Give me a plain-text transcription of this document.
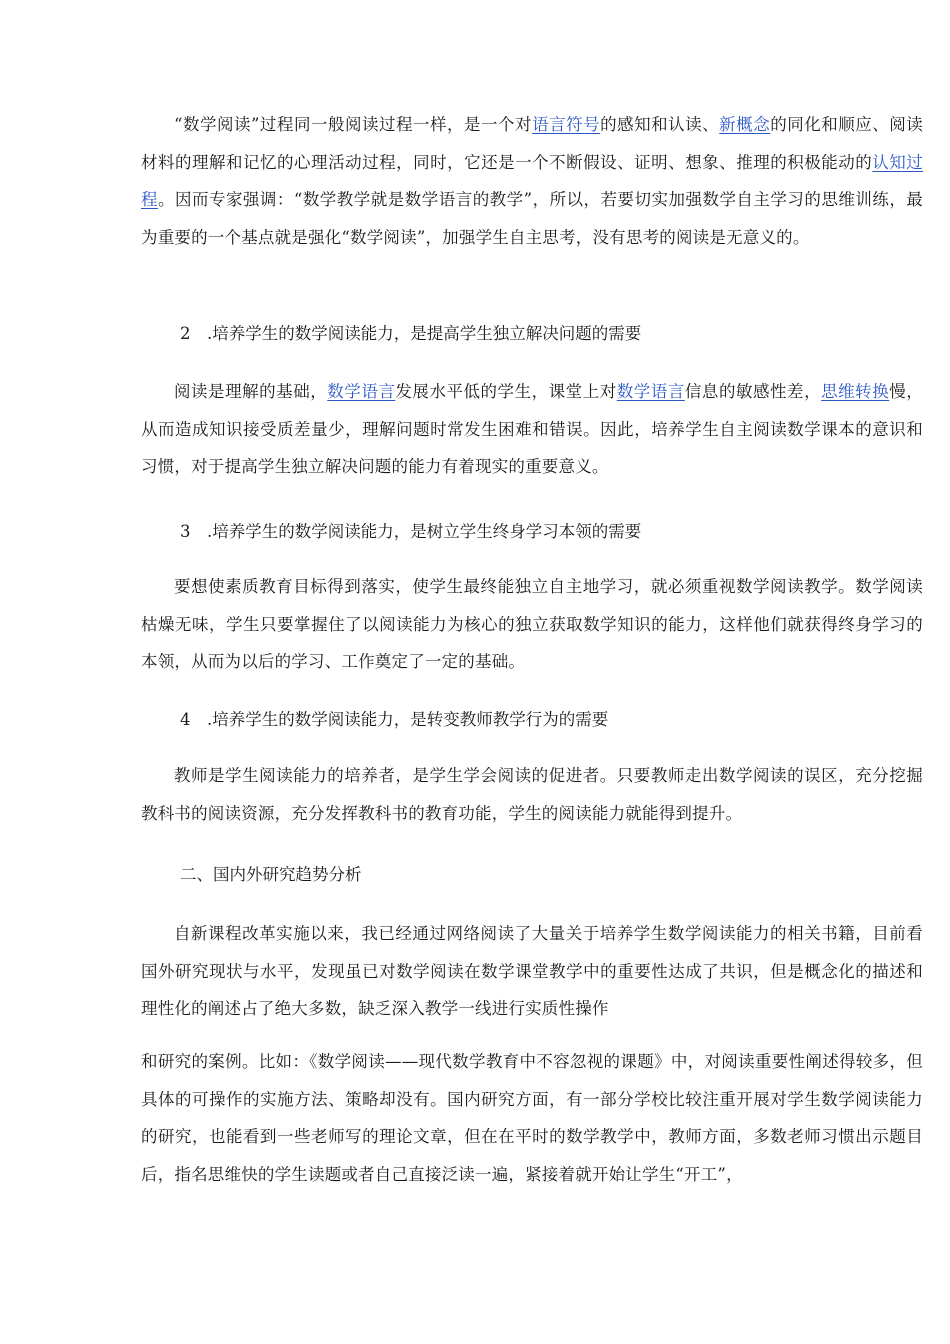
“数学阅读”过程同一般阅读过程一样，是一个对语言符号的感知和认读、新概念的同化和顺应、阅读材料的理解和记忆的心理活动过程，同时，它还是一个不断假设、证明、想象、推理的积极能动的认知过程。因而专家强调：“数学教学就是数学语言的教学”，所以，若要切实加强数学自主学习的思维训练，最为重要的一个基点就是强化“数学阅读”，加强学生自主思考，没有思考的阅读是无意义的。

2　.培养学生的数学阅读能力，是提高学生独立解决问题的需要

阅读是理解的基础，数学语言发展水平低的学生，课堂上对数学语言信息的敏感性差，思维转换慢，从而造成知识接受质差量少，理解问题时常发生困难和错误。因此，培养学生自主阅读数学课本的意识和习惯，对于提高学生独立解决问题的能力有着现实的重要意义。

3　.培养学生的数学阅读能力，是树立学生终身学习本领的需要

要想使素质教育目标得到落实，使学生最终能独立自主地学习，就必须重视数学阅读教学。数学阅读枯燥无味，学生只要掌握住了以阅读能力为核心的独立获取数学知识的能力，这样他们就获得终身学习的本领，从而为以后的学习、工作奠定了一定的基础。

4　.培养学生的数学阅读能力，是转变教师教学行为的需要

教师是学生阅读能力的培养者，是学生学会阅读的促进者。只要教师走出数学阅读的误区，充分挖掘教科书的阅读资源，充分发挥教科书的教育功能，学生的阅读能力就能得到提升。

二、国内外研究趋势分析

自新课程改革实施以来，我已经通过网络阅读了大量关于培养学生数学阅读能力的相关书籍，目前看国外研究现状与水平，发现虽已对数学阅读在数学课堂教学中的重要性达成了共识，但是概念化的描述和理性化的阐述占了绝大多数，缺乏深入教学一线进行实质性操作

和研究的案例。比如：《数学阅读——现代数学教育中不容忽视的课题》中，对阅读重要性阐述得较多，但具体的可操作的实施方法、策略却没有。国内研究方面，有一部分学校比较注重开展对学生数学阅读能力的研究，也能看到一些老师写的理论文章，但在在平时的数学教学中，教师方面，多数老师习惯出示题目后，指名思维快的学生读题或者自己直接泛读一遍，紧接着就开始让学生“开工”，
